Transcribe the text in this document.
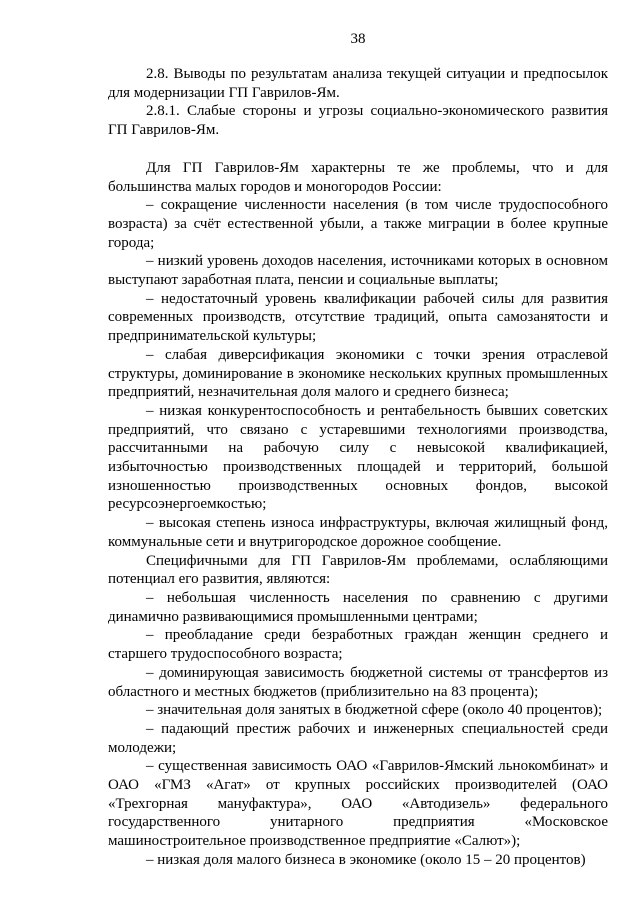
38

2.8. Выводы по результатам анализа текущей ситуации и предпосылок для модернизации ГП Гаврилов-Ям.

2.8.1. Слабые стороны и угрозы социально-экономического развития ГП Гаврилов-Ям.

Для ГП Гаврилов-Ям характерны те же проблемы, что и для большинства малых городов и моногородов России:

– сокращение численности населения (в том числе трудоспособного возраста) за счёт естественной убыли, а также миграции в более крупные города;

– низкий уровень доходов населения, источниками которых в основном выступают заработная плата, пенсии и социальные выплаты;

– недостаточный уровень квалификации рабочей силы для развития современных производств, отсутствие традиций, опыта самозанятости и предпринимательской культуры;

– слабая диверсификация экономики с точки зрения отраслевой структуры, доминирование в экономике нескольких крупных промышленных предприятий, незначительная доля малого и среднего бизнеса;

– низкая конкурентоспособность и рентабельность бывших советских предприятий, что связано с устаревшими технологиями производства, рассчитанными на рабочую силу с невысокой квалификацией, избыточностью производственных площадей и территорий, большой изношенностью производственных основных фондов, высокой ресурсоэнергоемкостью;

– высокая степень износа инфраструктуры, включая жилищный фонд, коммунальные сети и внутригородское дорожное сообщение.

Специфичными для ГП Гаврилов-Ям проблемами, ослабляющими потенциал его развития, являются:

– небольшая численность населения по сравнению с другими динамично развивающимися промышленными центрами;

– преобладание среди безработных граждан женщин среднего и старшего трудоспособного возраста;

– доминирующая зависимость бюджетной системы от трансфертов из областного и местных бюджетов (приблизительно на 83 процента);

– значительная доля занятых в бюджетной сфере (около 40 процентов);

– падающий престиж рабочих и инженерных специальностей среди молодежи;

– существенная зависимость ОАО «Гаврилов-Ямский льнокомбинат» и ОАО «ГМЗ «Агат» от крупных российских производителей (ОАО «Трехгорная мануфактура», ОАО «Автодизель» федерального государственного унитарного предприятия «Московское машиностроительное производственное предприятие «Салют»);

– низкая доля малого бизнеса в экономике (около 15 – 20 процентов)
